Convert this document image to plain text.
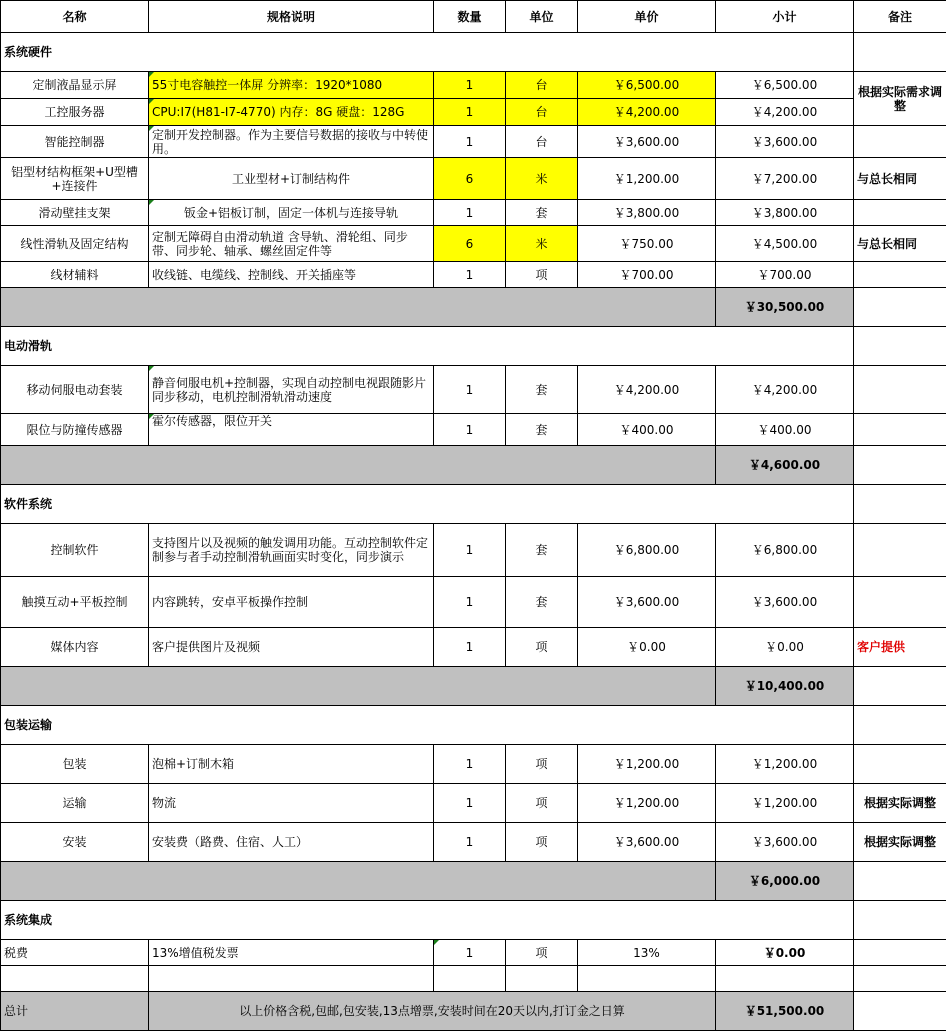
名称	规格说明	数量	单位	单价	小计	备注
系统硬件						
定制液晶显示屏	55寸电容触控一体屏 分辨率：1920*1080	1	台	￥6,500.00	￥6,500.00	根据实际需求调整
工控服务器	CPU:I7(H81-I7-4770) 内存：8G 硬盘：128G	1	台	￥4,200.00	￥4,200.00	
智能控制器	定制开发控制器。作为主要信号数据的接收与中转使用。	1	台	￥3,600.00	￥3,600.00	
铝型材结构框架+U型槽+连接件	工业型材+订制结构件	6	米	￥1,200.00	￥7,200.00	与总长相同
滑动壁挂支架	钣金+铝板订制，固定一体机与连接导轨	1	套	￥3,800.00	￥3,800.00	
线性滑轨及固定结构	定制无障碍自由滑动轨道 含导轨、滑轮组、同步带、同步轮、轴承、螺丝固定件等	6	米	￥750.00	￥4,500.00	与总长相同
线材辅料	收线链、电缆线、控制线、开关插座等	1	项	￥700.00	￥700.00	
					￥30,500.00	
电动滑轨						
移动伺服电动套装	静音伺服电机+控制器，实现自动控制电视跟随影片同步移动，电机控制滑轨滑动速度	1	套	￥4,200.00	￥4,200.00	
限位与防撞传感器	霍尔传感器，限位开关	1	套	￥400.00	￥400.00	
					￥4,600.00	
软件系统						
控制软件	支持图片以及视频的触发调用功能。互动控制软件定制参与者手动控制滑轨画面实时变化，同步演示	1	套	￥6,800.00	￥6,800.00	
触摸互动+平板控制	内容跳转，安卓平板操作控制	1	套	￥3,600.00	￥3,600.00	
媒体内容	客户提供图片及视频	1	项	￥0.00	￥0.00	客户提供
					￥10,400.00	
包装运输						
包装	泡棉+订制木箱	1	项	￥1,200.00	￥1,200.00	
运输	物流	1	项	￥1,200.00	￥1,200.00	根据实际调整
安装	安装费（路费、住宿、人工）	1	项	￥3,600.00	￥3,600.00	根据实际调整
					￥6,000.00	
系统集成						
税费	13%增值税发票	1	项	13%	￥0.00	

总计	以上价格含税,包邮,包安装,13点增票,安装时间在20天以内,打订金之日算				￥51,500.00	
